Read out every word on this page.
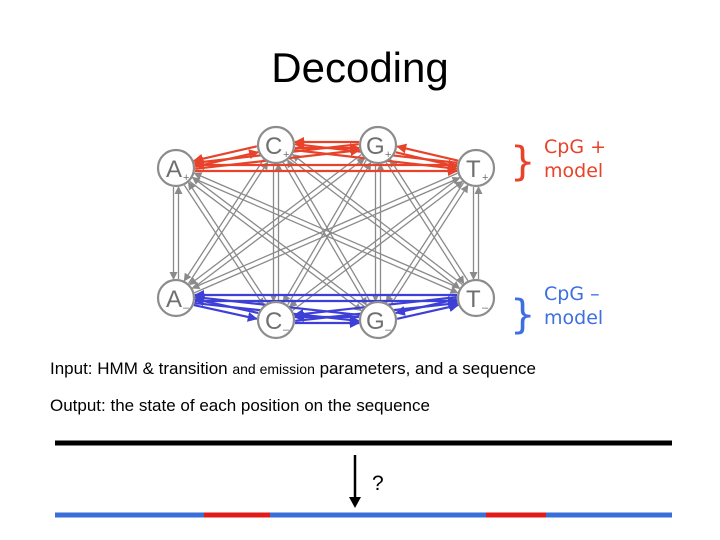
Decoding
A +
C +	G +
T +
A –	C –	G –
T –
} CpG +
model
} CpG –
model
Input: HMM & transition and emission parameters, and a sequence
Output: the state of each position on the sequence
?
